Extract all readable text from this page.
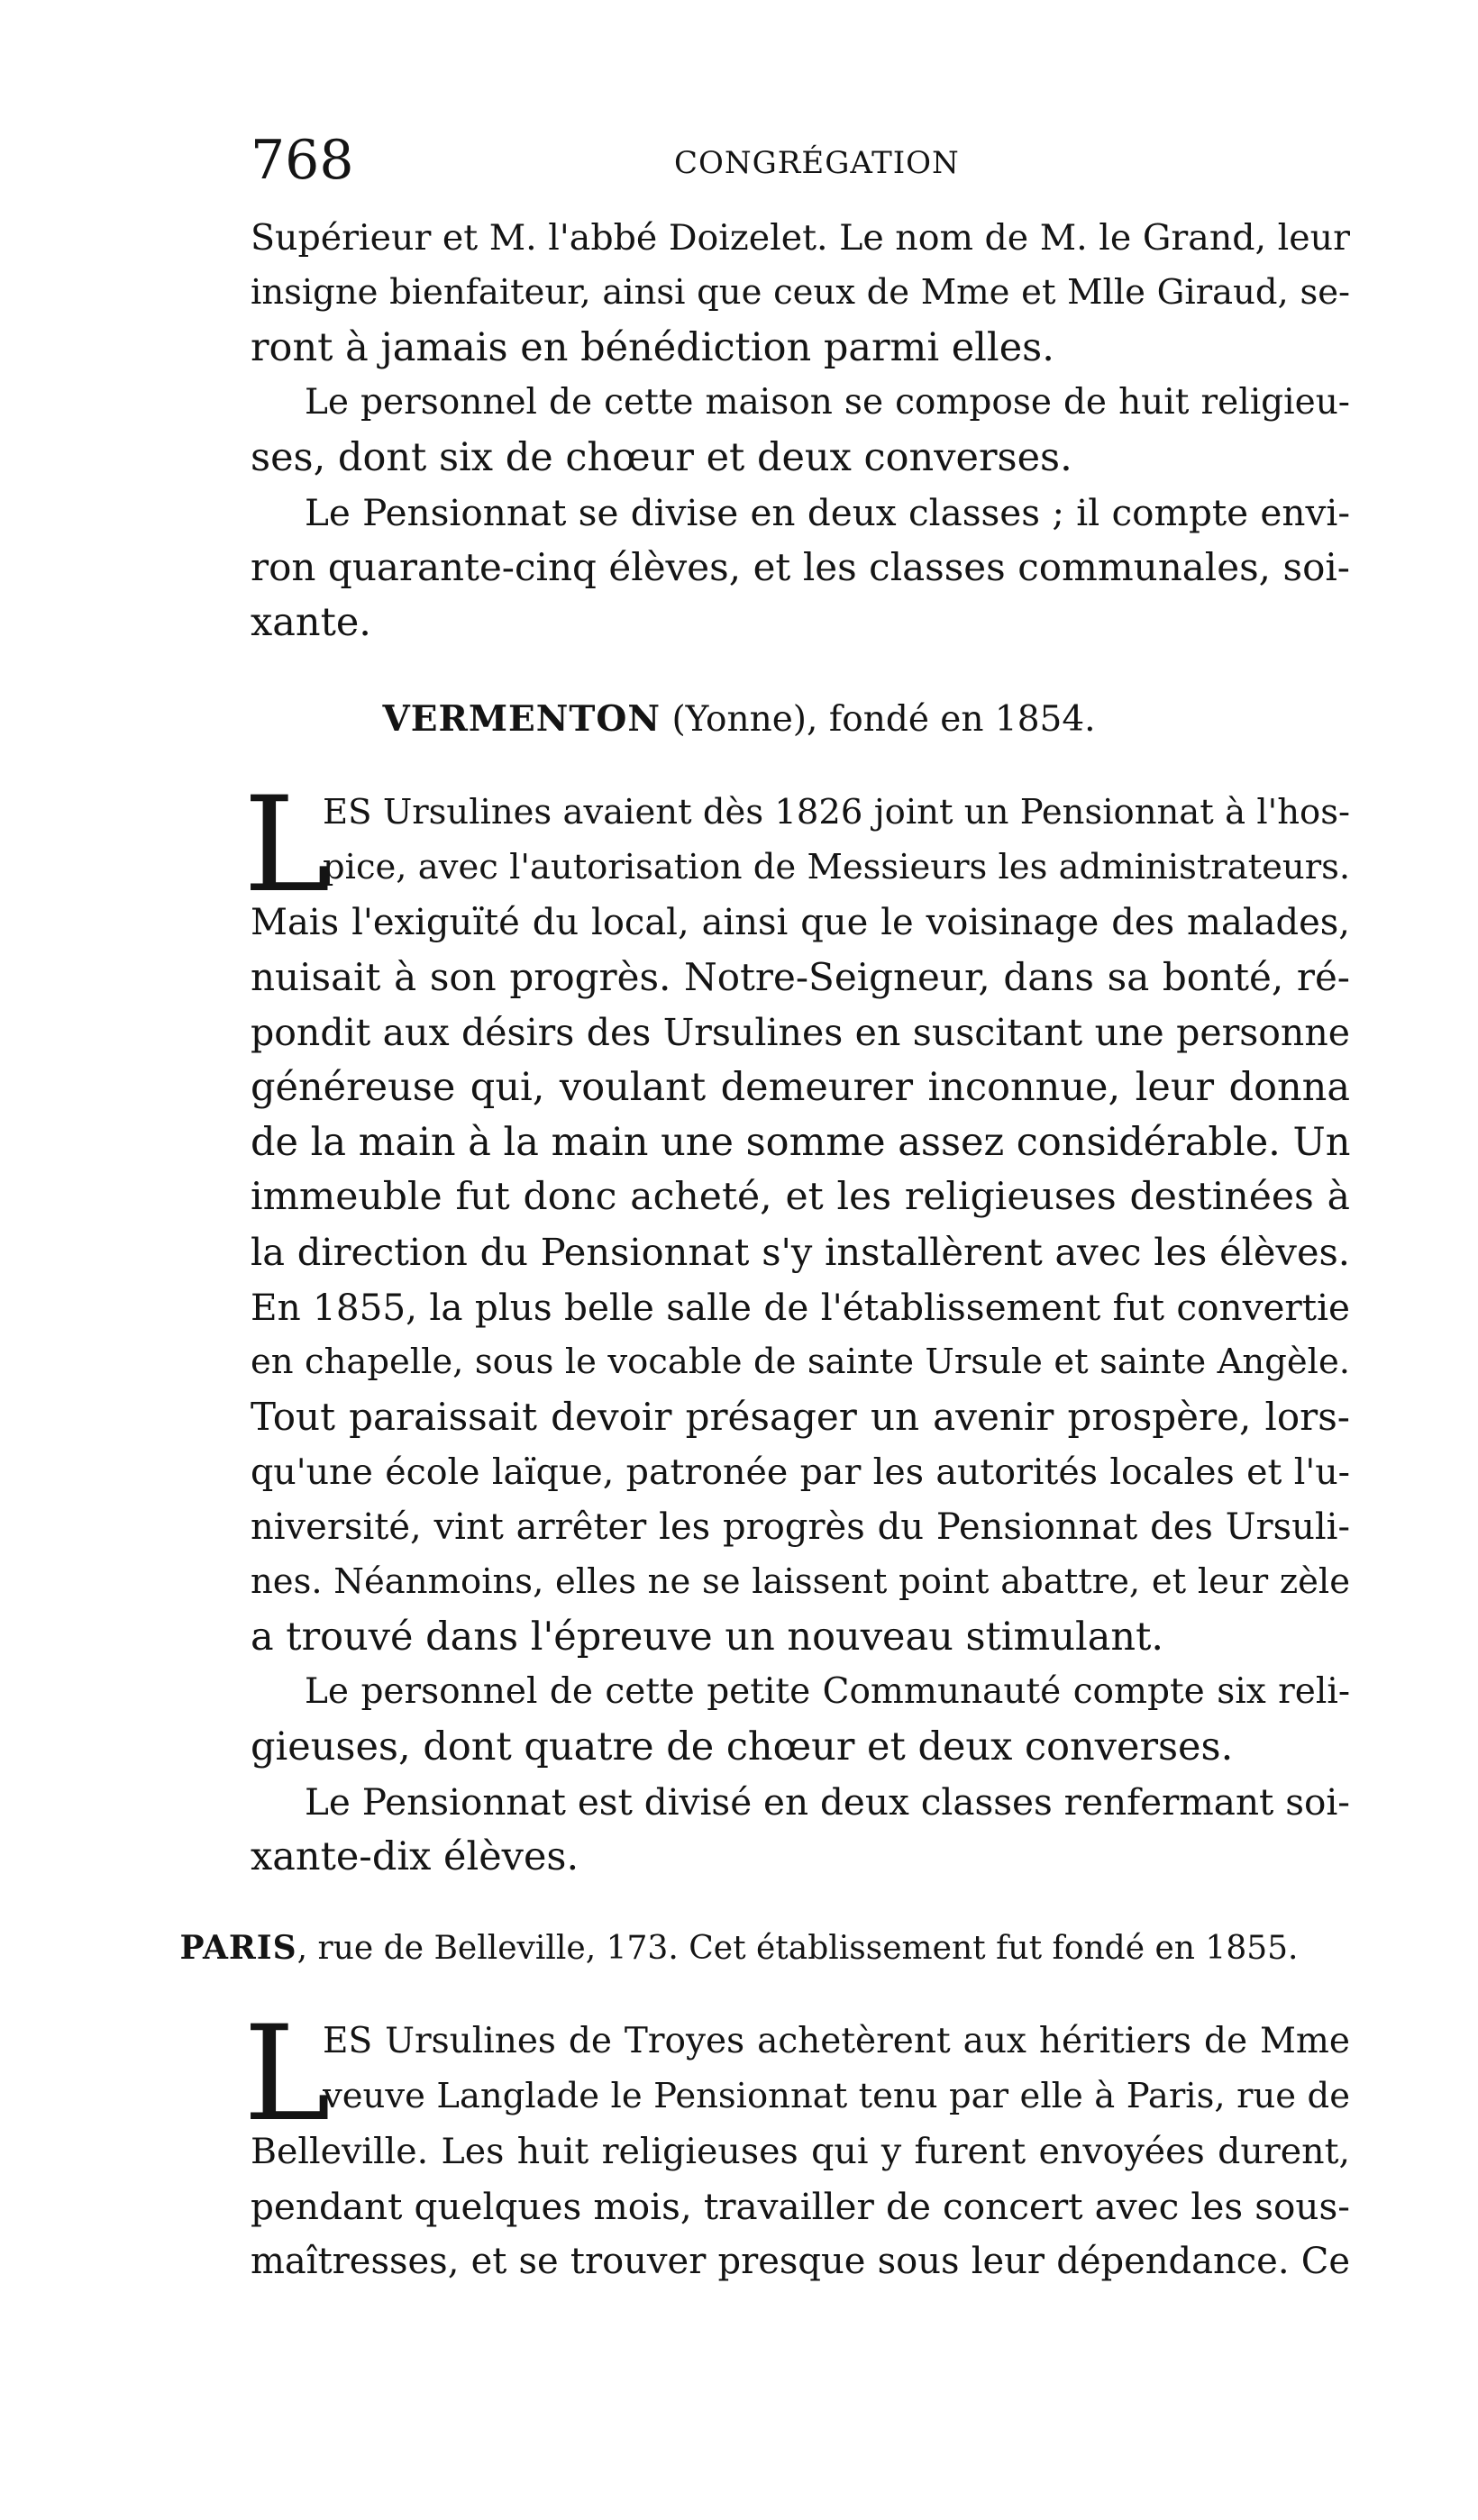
768	CONGRÉGATION
Supérieur et M. l'abbé Doizelet. Le nom de M. le Grand, leur
insigne bienfaiteur, ainsi que ceux de Mme et Mlle Giraud, se-
ront à jamais en bénédiction parmi elles.
Le personnel de cette maison se compose de huit religieu-
ses, dont six de chœur et deux converses.
Le Pensionnat se divise en deux classes ; il compte envi-
ron quarante-cinq élèves, et les classes communales, soi-
xante.
VERMENTON (Yonne), fondé en 1854.
L
ES Ursulines avaient dès 1826 joint un Pensionnat à l'hos-
pice, avec l'autorisation de Messieurs les administrateurs.
Mais l'exiguïté du local, ainsi que le voisinage des malades,
nuisait à son progrès. Notre-Seigneur, dans sa bonté, ré-
pondit aux désirs des Ursulines en suscitant une personne
généreuse qui, voulant demeurer inconnue, leur donna
de la main à la main une somme assez considérable. Un
immeuble fut donc acheté, et les religieuses destinées à
la direction du Pensionnat s'y installèrent avec les élèves.
En 1855, la plus belle salle de l'établissement fut convertie
en chapelle, sous le vocable de sainte Ursule et sainte Angèle.
Tout paraissait devoir présager un avenir prospère, lors-
qu'une école laïque, patronée par les autorités locales et l'u-
niversité, vint arrêter les progrès du Pensionnat des Ursuli-
nes. Néanmoins, elles ne se laissent point abattre, et leur zèle
a trouvé dans l'épreuve un nouveau stimulant.
Le personnel de cette petite Communauté compte six reli-
gieuses, dont quatre de chœur et deux converses.
Le Pensionnat est divisé en deux classes renfermant soi-
xante-dix élèves.
PARIS, rue de Belleville, 173. Cet établissement fut fondé en 1855.
L
ES Ursulines de Troyes achetèrent aux héritiers de Mme
veuve Langlade le Pensionnat tenu par elle à Paris, rue de
Belleville. Les huit religieuses qui y furent envoyées durent,
pendant quelques mois, travailler de concert avec les sous-
maîtresses, et se trouver presque sous leur dépendance. Ce
